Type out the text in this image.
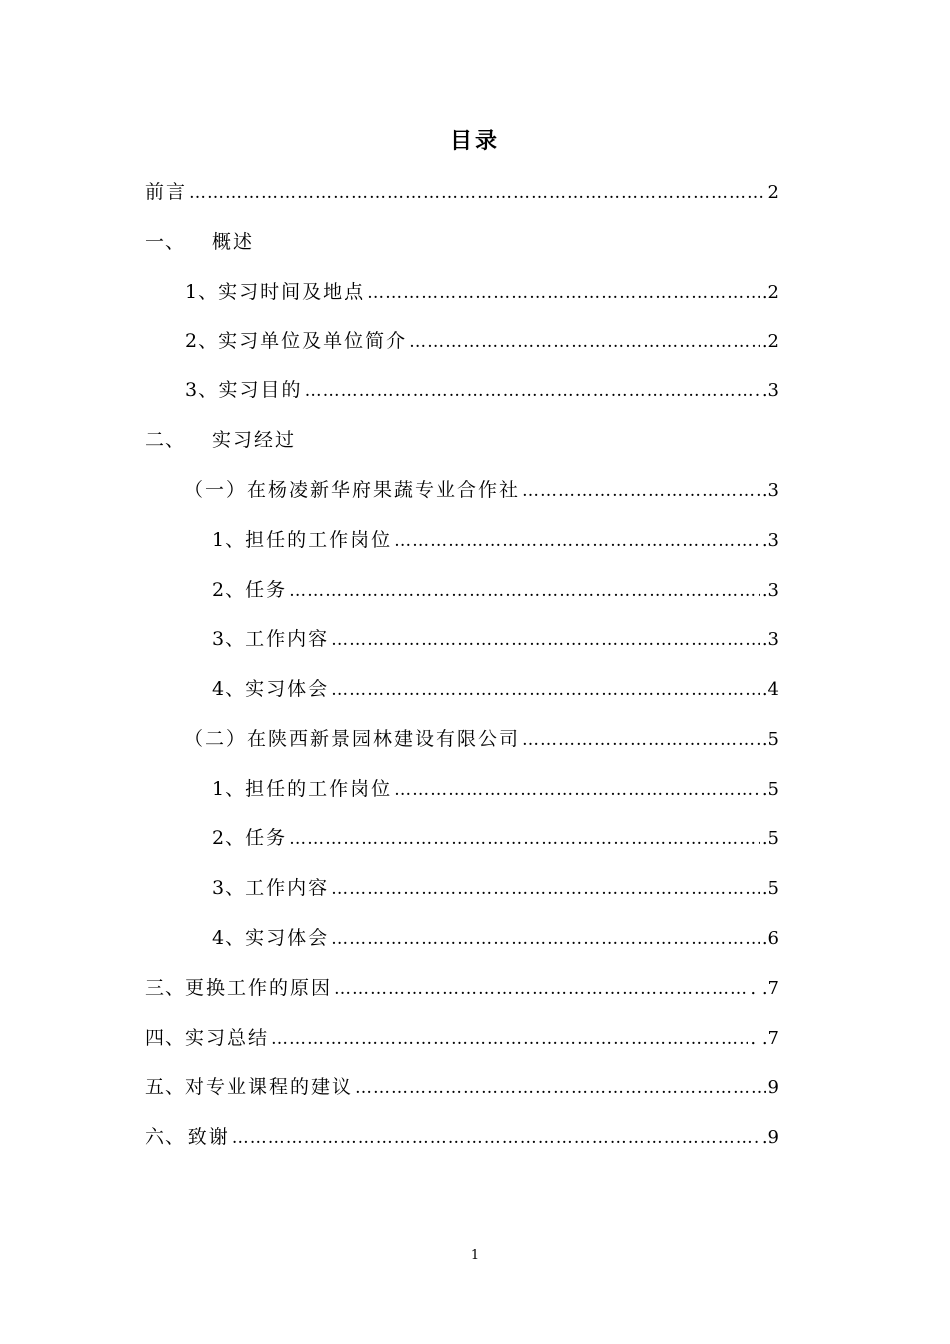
目录
前言 …………………………………………………………………………………………………………………………	2
一、	概述
1、 实习时间及地点 …………………………………………………………………………………………………………………………	.2
2、 实习单位及单位简介 …………………………………………………………………………………………………………………………	.2
3、 实习目的 …………………………………………………………………………………………………………………………	.3
二、	实习经过
（一）在杨凌新华府果蔬专业合作社 …………………………………………………………………………………………………………………………	.3
1、 担任的工作岗位 …………………………………………………………………………………………………………………………	.3
2、 任务 …………………………………………………………………………………………………………………………	.3
3、 工作内容 …………………………………………………………………………………………………………………………	.3
4、 实习体会 …………………………………………………………………………………………………………………………	.4
（二）在陕西新景园林建设有限公司 …………………………………………………………………………………………………………………………	.5
1、 担任的工作岗位 …………………………………………………………………………………………………………………………	.5
2、 任务 …………………………………………………………………………………………………………………………	.5
3、 工作内容 …………………………………………………………………………………………………………………………	.5
4、 实习体会 …………………………………………………………………………………………………………………………	.6
三、 更换工作的原因 …………………………………………………………………………………………………………………………	. .7
四、 实习总结 …………………………………………………………………………………………………………………………	. .7
五、 对专业课程的建议 …………………………………………………………………………………………………………………………	9
六、 致谢 …………………………………………………………………………………………………………………………	.9
1
